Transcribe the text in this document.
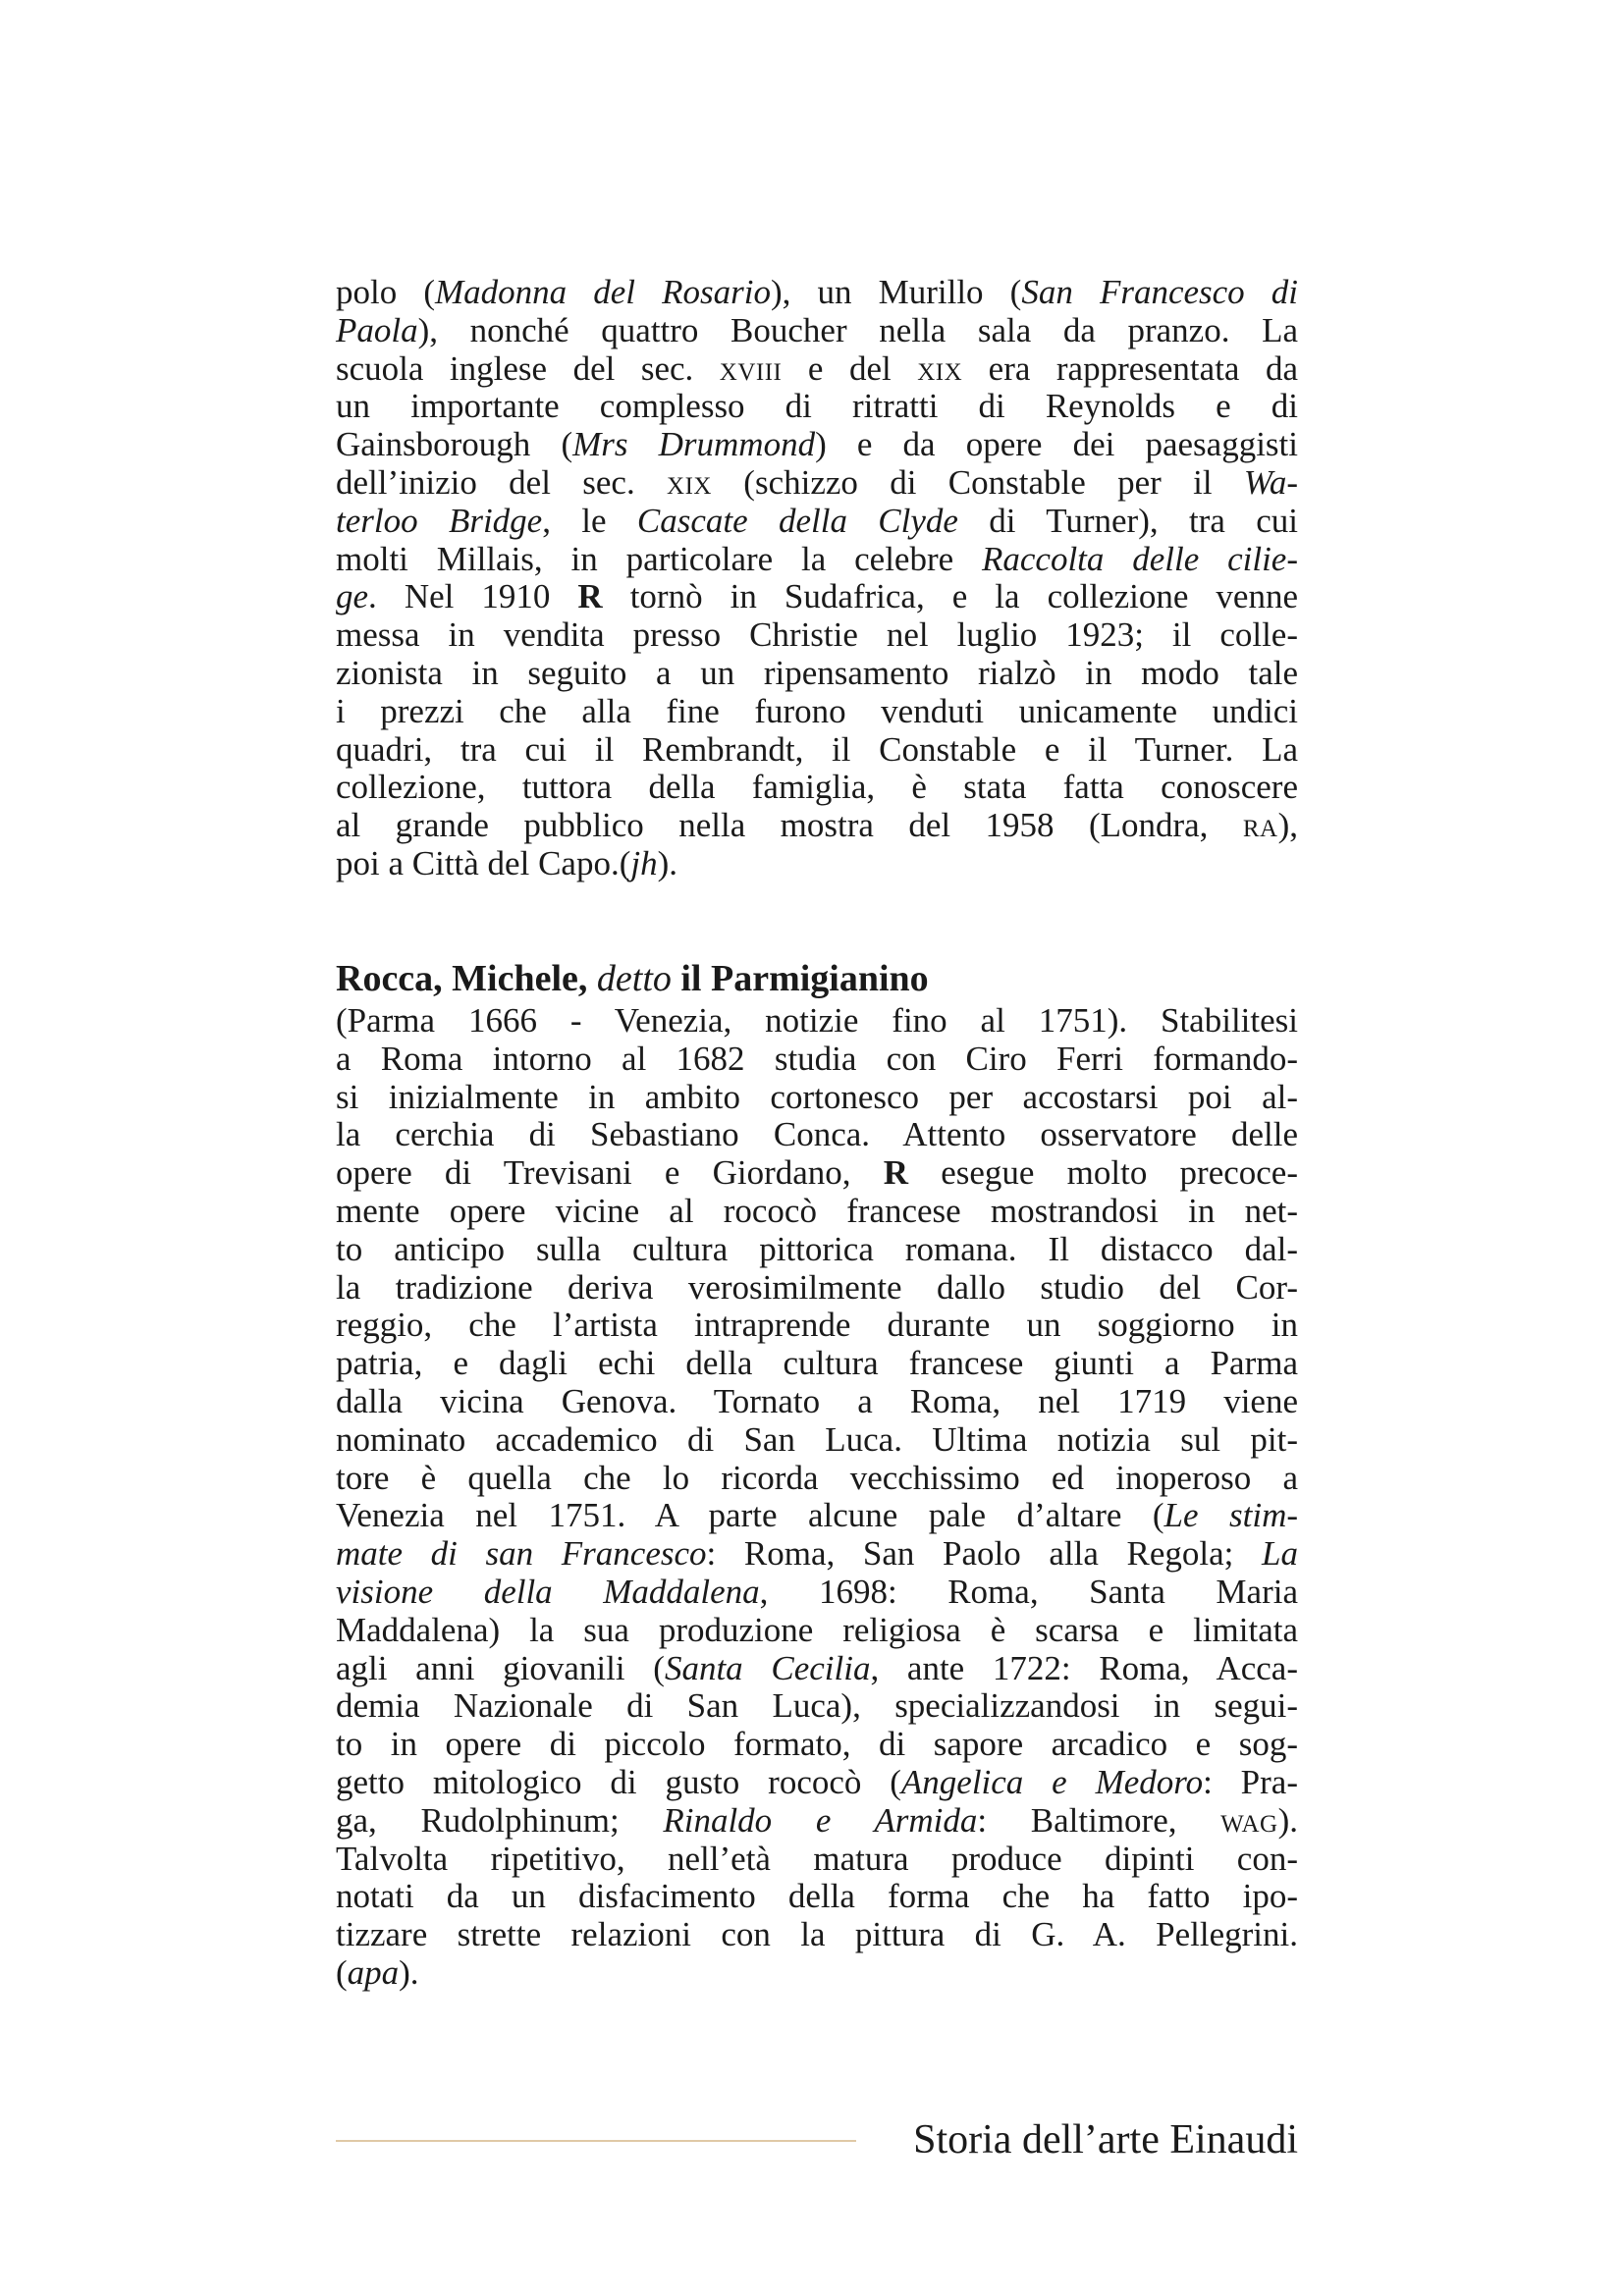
polo (Madonna del Rosario), un Murillo (San Francesco di
Paola), nonché quattro Boucher nella sala da pranzo. La
scuola inglese del sec. xviii e del xix era rappresentata da
un importante complesso di ritratti di Reynolds e di
Gainsborough (Mrs Drummond) e da opere dei paesaggisti
dell’inizio del sec. xix (schizzo di Constable per il Wa-
terloo Bridge, le Cascate della Clyde di Turner), tra cui
molti Millais, in particolare la celebre Raccolta delle cilie-
ge. Nel 1910 R tornò in Sudafrica, e la collezione venne
messa in vendita presso Christie nel luglio 1923; il colle-
zionista in seguito a un ripensamento rialzò in modo tale
i prezzi che alla fine furono venduti unicamente undici
quadri, tra cui il Rembrandt, il Constable e il Turner. La
collezione, tuttora della famiglia, è stata fatta conoscere
al grande pubblico nella mostra del 1958 (Londra, ra),
poi a Città del Capo.(jh).
Rocca, Michele, detto il Parmigianino
(Parma 1666 - Venezia, notizie fino al 1751). Stabilitesi
a Roma intorno al 1682 studia con Ciro Ferri formando-
si inizialmente in ambito cortonesco per accostarsi poi al-
la cerchia di Sebastiano Conca. Attento osservatore delle
opere di Trevisani e Giordano, R esegue molto precoce-
mente opere vicine al rococò francese mostrandosi in net-
to anticipo sulla cultura pittorica romana. Il distacco dal-
la tradizione deriva verosimilmente dallo studio del Cor-
reggio, che l’artista intraprende durante un soggiorno in
patria, e dagli echi della cultura francese giunti a Parma
dalla vicina Genova. Tornato a Roma, nel 1719 viene
nominato accademico di San Luca. Ultima notizia sul pit-
tore è quella che lo ricorda vecchissimo ed inoperoso a
Venezia nel 1751. A parte alcune pale d’altare (Le stim-
mate di san Francesco: Roma, San Paolo alla Regola; La
visione della Maddalena, 1698: Roma, Santa Maria
Maddalena) la sua produzione religiosa è scarsa e limitata
agli anni giovanili (Santa Cecilia, ante 1722: Roma, Acca-
demia Nazionale di San Luca), specializzandosi in segui-
to in opere di piccolo formato, di sapore arcadico e sog-
getto mitologico di gusto rococò (Angelica e Medoro: Pra-
ga, Rudolphinum; Rinaldo e Armida: Baltimore, wag).
Talvolta ripetitivo, nell’età matura produce dipinti con-
notati da un disfacimento della forma che ha fatto ipo-
tizzare strette relazioni con la pittura di G. A. Pellegrini.
(apa).
Storia dell’arte Einaudi
